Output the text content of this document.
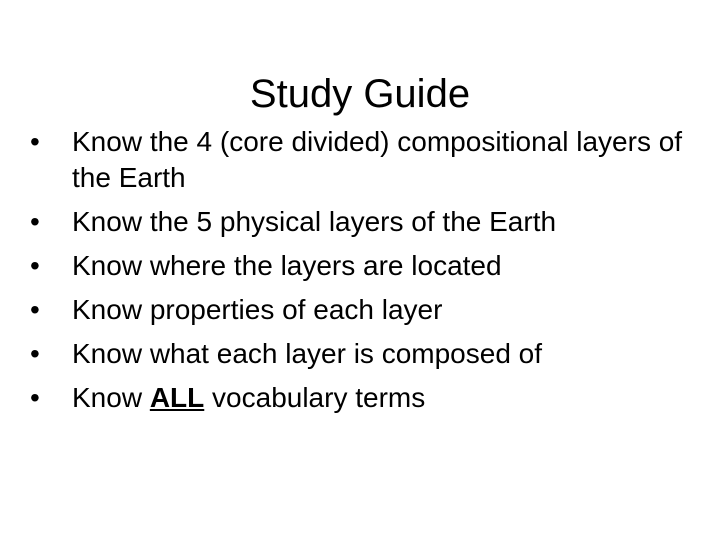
Study Guide
•	Know the 4 (core divided) compositional layers of the Earth
•	Know the 5 physical layers of the Earth
•	Know where the layers are located
•	Know properties of each layer
•	Know what each layer is composed of
•	Know ALL vocabulary terms
